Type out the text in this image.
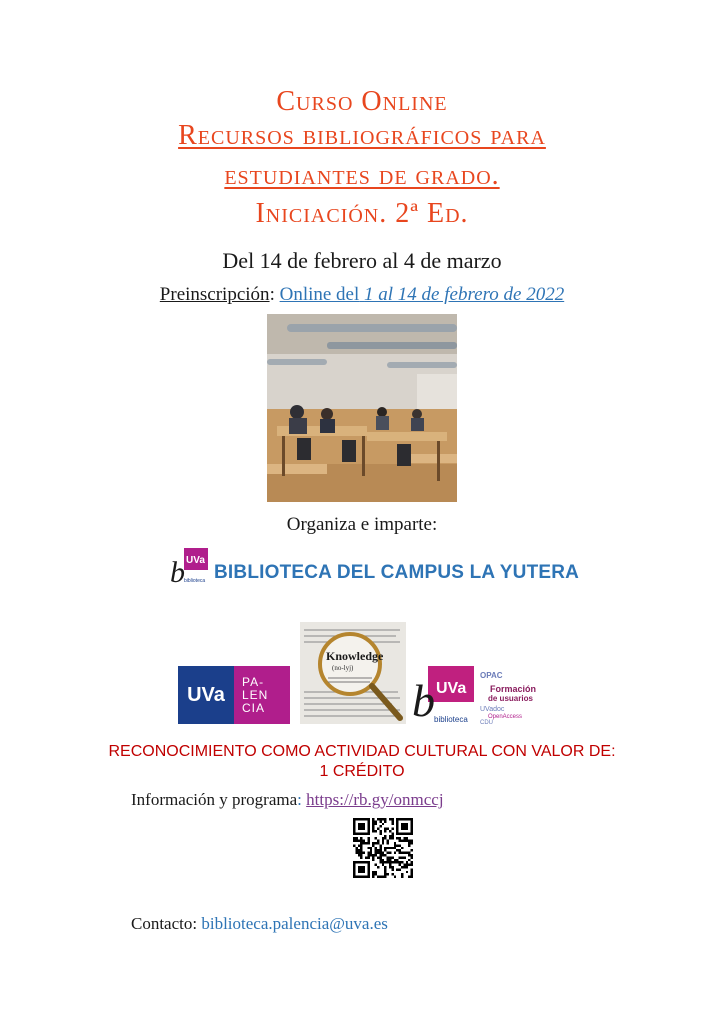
Curso Online
Recursos bibliográficos para
estudiantes de grado.
Iniciación. 2ª Ed.
Del 14 de febrero al 4 de marzo
Preinscripción: Online del 1 al 14 de febrero de 2022
Organiza e imparte:
UVa
b biblioteca BIBLIOTECA DEL CAMPUS LA YUTERA
UVa
PA-
LEN
CIA
Knowledge
(no-lyj)
UVa
b biblioteca
OPAC
Formación
de usuarios
UVadoc
OpenAccess
CDU
RECONOCIMIENTO COMO ACTIVIDAD CULTURAL CON VALOR DE:
1 CRÉDITO
Información y programa: https://rb.gy/onmccj
Contacto: biblioteca.palencia@uva.es
